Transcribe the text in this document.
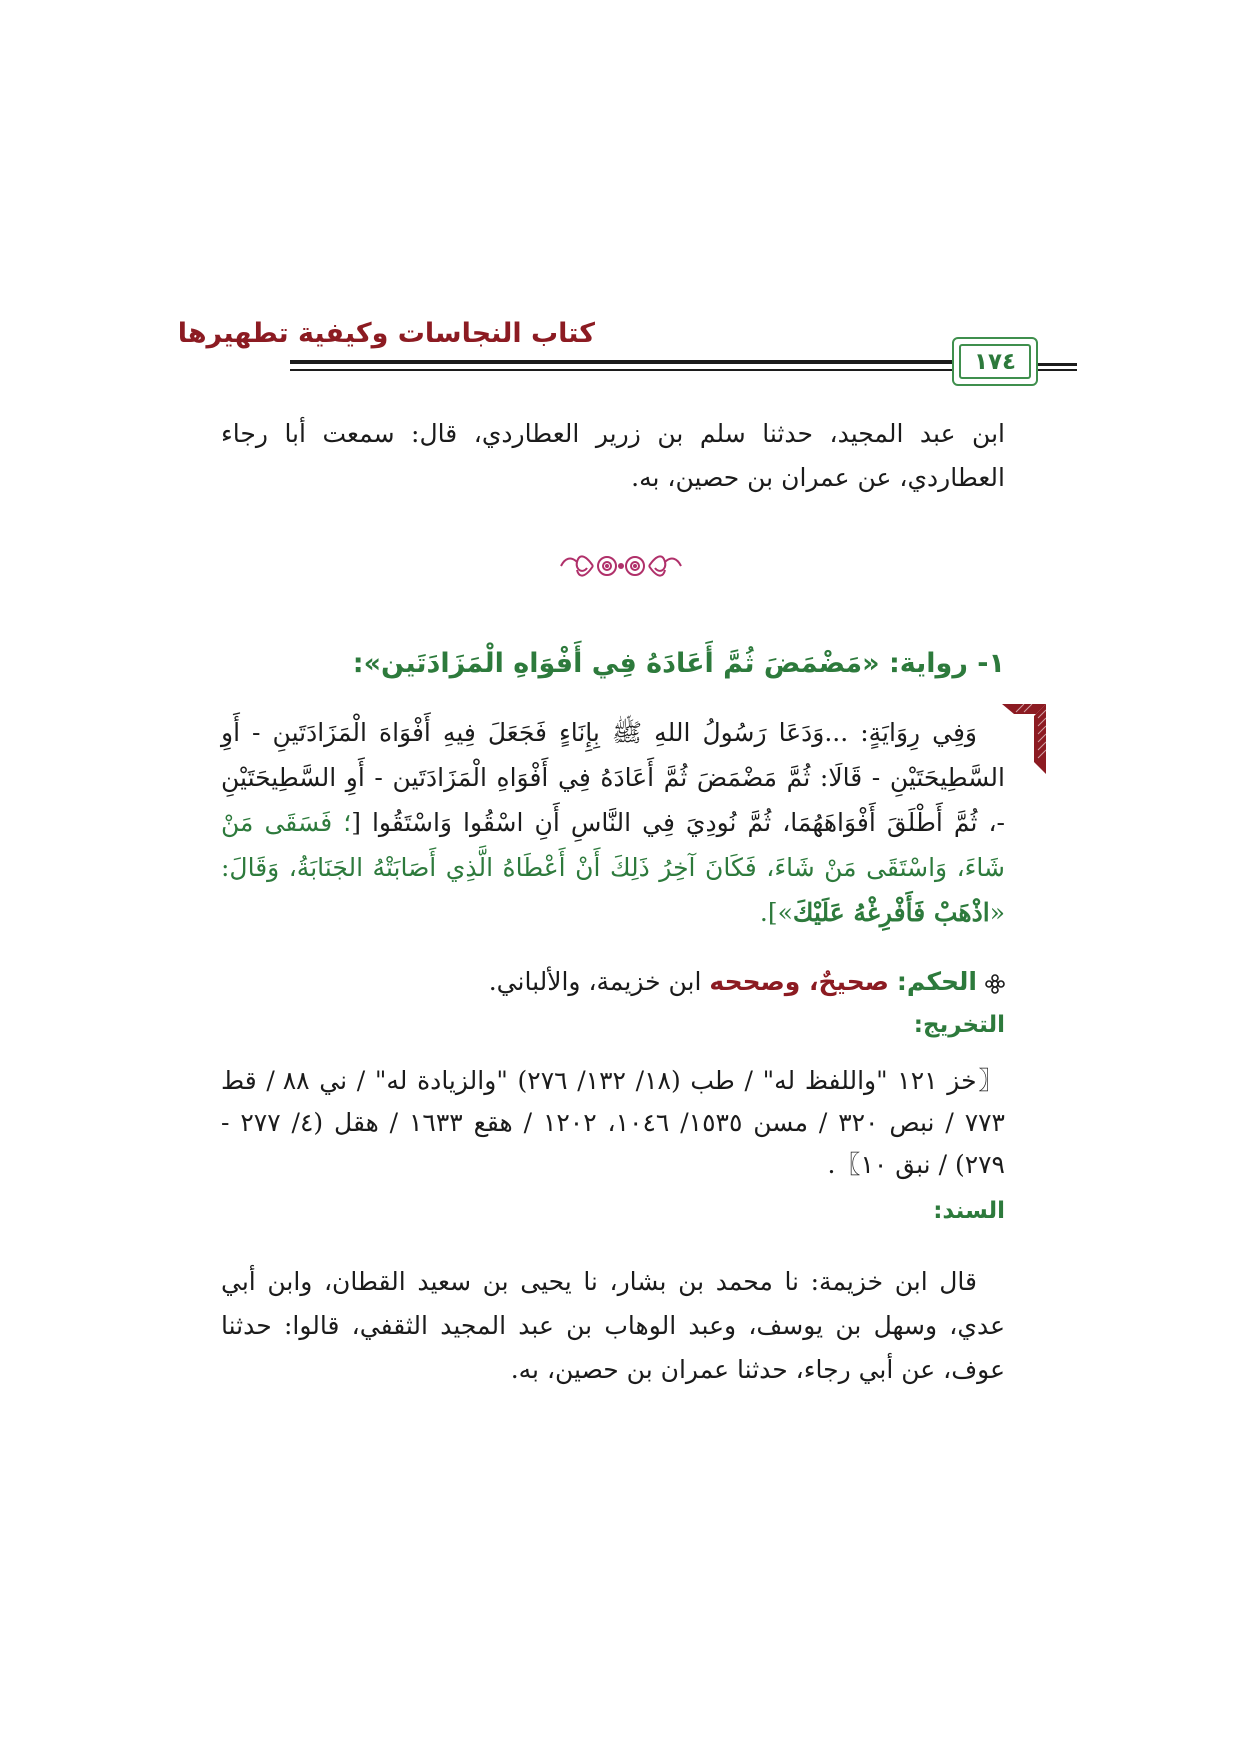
كتاب النجاسات وكيفية تطهيرها
١٧٤

ابن عبد المجيد، حدثنا سلم بن زرير العطاردي، قال: سمعت أبا رجاء العطاردي، عن عمران بن حصين، به.

١- رواية: «مَضْمَضَ ثُمَّ أَعَادَهُ فِي أَفْوَاهِ الْمَزَادَتَين»:

وَفِي رِوَايَةٍ: ...وَدَعَا رَسُولُ اللهِ ﷺ بِإِنَاءٍ فَجَعَلَ فِيهِ أَفْوَاهَ الْمَزَادَتَينِ - أَوِ السَّطِيحَتَيْنِ - قَالَا: ثُمَّ مَضْمَضَ ثُمَّ أَعَادَهُ فِي أَفْوَاهِ الْمَزَادَتَين - أَوِ السَّطِيحَتَيْنِ -، ثُمَّ أَطْلَقَ أَفْوَاهَهُمَا، ثُمَّ نُودِيَ فِي النَّاسِ أَنِ اسْقُوا وَاسْتَقُوا [؛ فَسَقَى مَنْ شَاءَ، وَاسْتَقَى مَنْ شَاءَ، فَكَانَ آخِرُ ذَلِكَ أَنْ أَعْطَاهُ الَّذِي أَصَابَتْهُ الجَنَابَةُ، وَقَالَ: «اذْهَبْ فَأَفْرِغْهُ عَلَيْكَ»].

الحكم: صحيحٌ، وصححه ابن خزيمة، والألباني.
التخريج:

〖خز ١٢١ "واللفظ له" / طب (١٨/ ١٣٢/ ٢٧٦) "والزيادة له" / ني ٨٨ / قط ٧٧٣ / نبص ٣٢٠ / مسن ١٥٣٥/ ١٠٤٦، ١٢٠٢ / هقع ١٦٣٣ / هقل (٤/ ٢٧٧ - ٢٧٩) / نبق ١٠〗.

السند:

قال ابن خزيمة: نا محمد بن بشار، نا يحيى بن سعيد القطان، وابن أبي عدي، وسهل بن يوسف، وعبد الوهاب بن عبد المجيد الثقفي، قالوا: حدثنا عوف، عن أبي رجاء، حدثنا عمران بن حصين، به.
